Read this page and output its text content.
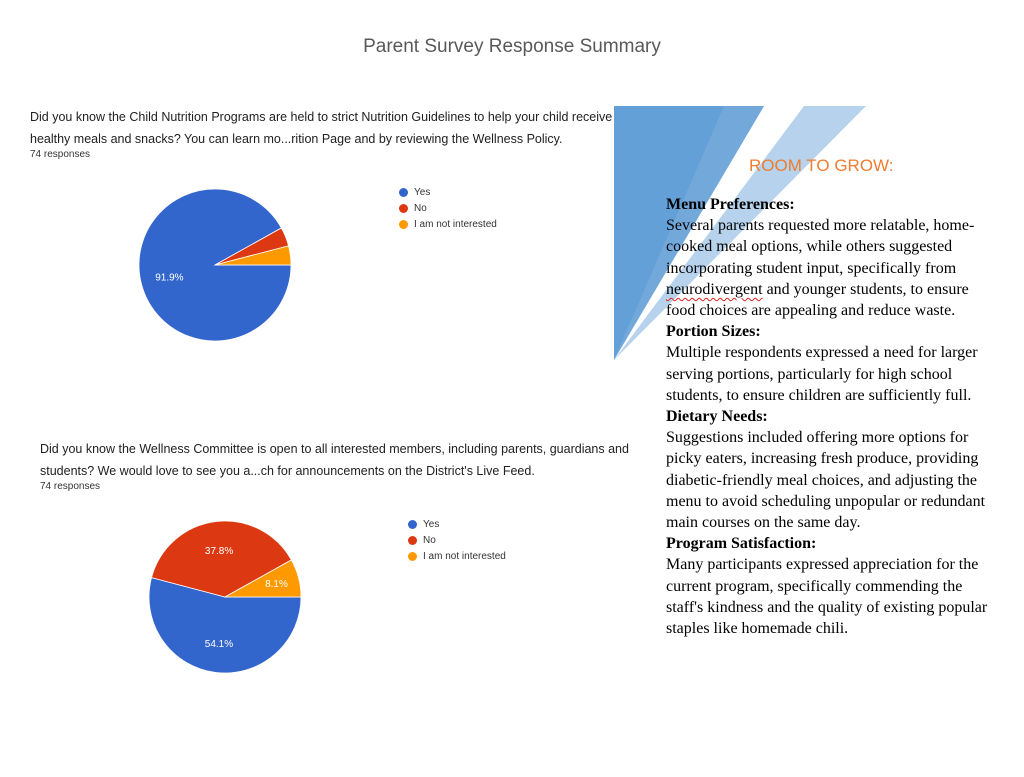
Parent Survey Response Summary
Did you know the Child Nutrition Programs are held to strict Nutrition Guidelines to help your child receive healthy meals and snacks? You can learn mo...rition Page and by reviewing the Wellness Policy.
74 responses
91.9%
Yes
No
I am not interested
Did you know the Wellness Committee is open to all interested members, including parents, guardians and students? We would love to see you a...ch for announcements on the District's Live Feed.
74 responses
54.1%
37.8%
8.1%
Yes
No
I am not interested
ROOM TO GROW:
Menu Preferences:
Several parents requested more relatable, home-cooked meal options, while others suggested incorporating student input, specifically from neurodivergent and younger students, to ensure food choices are appealing and reduce waste.
Portion Sizes:
Multiple respondents expressed a need for larger serving portions, particularly for high school students, to ensure children are sufficiently full.
Dietary Needs:
Suggestions included offering more options for picky eaters, increasing fresh produce, providing diabetic-friendly meal choices, and adjusting the menu to avoid scheduling unpopular or redundant main courses on the same day.
Program Satisfaction:
Many participants expressed appreciation for the current program, specifically commending the staff's kindness and the quality of existing popular staples like homemade chili.
